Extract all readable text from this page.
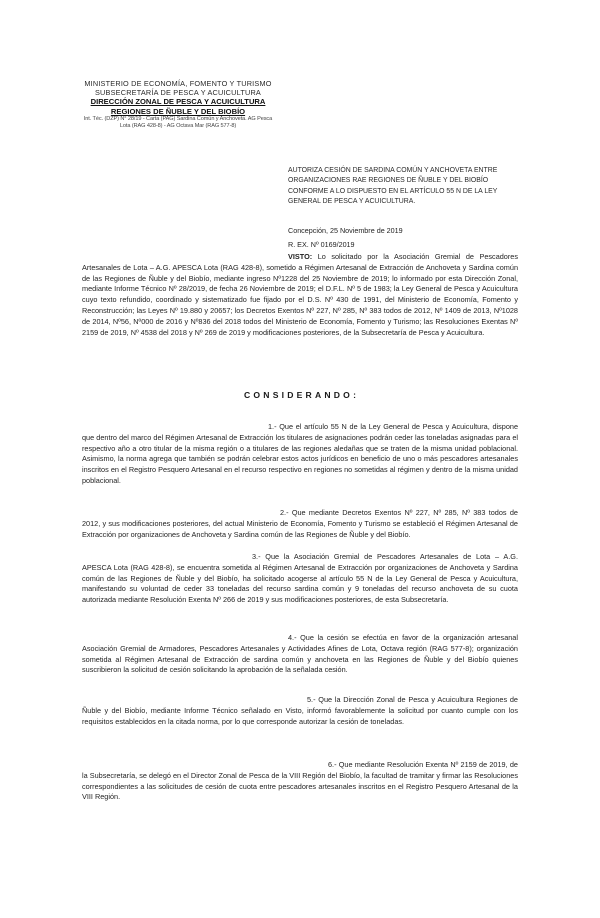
MINISTERIO DE ECONOMÍA, FOMENTO Y TURISMO
SUBSECRETARÍA DE PESCA Y ACUICULTURA
DIRECCIÓN ZONAL DE PESCA Y ACUICULTURA
REGIONES DE ÑUBLE Y DEL BIOBÍO
Int. Téc. (DZP) N° 28/19 - Carta (PAG) Sardina Común y Anchoveta. AG Pesca Lota (RAG 428-8) - AG Octava Mar (RAG 577-8)
AUTORIZA CESIÓN DE SARDINA COMÚN Y ANCHOVETA ENTRE ORGANIZACIONES RAE REGIONES DE ÑUBLE Y DEL BIOBÍO CONFORME A LO DISPUESTO EN EL ARTÍCULO 55 N DE LA LEY GENERAL DE PESCA Y ACUICULTURA.
Concepción, 25 Noviembre de 2019
R. EX. Nº 0169/2019
VISTO: Lo solicitado por la Asociación Gremial de Pescadores Artesanales de Lota – A.G. APESCA Lota (RAG 428-8), sometido a Régimen Artesanal de Extracción de Anchoveta y Sardina común de las Regiones de Ñuble y del Biobío, mediante ingreso Nº1228 del 25 Noviembre de 2019; lo informado por esta Dirección Zonal, mediante Informe Técnico Nº 28/2019, de fecha 26 Noviembre de 2019; el D.F.L. Nº 5 de 1983; la Ley General de Pesca y Acuicultura cuyo texto refundido, coordinado y sistematizado fue fijado por el D.S. Nº 430 de 1991, del Ministerio de Economía, Fomento y Reconstrucción; las Leyes Nº 19.880 y 20657; los Decretos Exentos Nº 227, Nº 285, Nº 383 todos de 2012, Nº 1409 de 2013, Nº1028 de 2014, Nº56, Nº000 de 2016 y Nº836 del 2018 todos del Ministerio de Economía, Fomento y Turismo; las Resoluciones Exentas Nº 2159 de 2019, Nº 4538 del 2018 y Nº 269 de 2019 y modificaciones posteriores, de la Subsecretaría de Pesca y Acuicultura.
CONSIDERANDO:
1.- Que el artículo 55 N de la Ley General de Pesca y Acuicultura, dispone que dentro del marco del Régimen Artesanal de Extracción los titulares de asignaciones podrán ceder las toneladas asignadas para el respectivo año a otro titular de la misma región o a titulares de las regiones aledañas que se traten de la misma unidad poblacional. Asimismo, la norma agrega que también se podrán celebrar estos actos jurídicos en beneficio de uno o más pescadores artesanales inscritos en el Registro Pesquero Artesanal en el recurso respectivo en regiones no sometidas al régimen y dentro de la misma unidad poblacional.
2.- Que mediante Decretos Exentos Nº 227, Nº 285, Nº 383 todos de 2012, y sus modificaciones posteriores, del actual Ministerio de Economía, Fomento y Turismo se estableció el Régimen Artesanal de Extracción por organizaciones de Anchoveta y Sardina común de las Regiones de Ñuble y del Biobío.
3.- Que la Asociación Gremial de Pescadores Artesanales de Lota – A.G. APESCA Lota (RAG 428-8), se encuentra sometida al Régimen Artesanal de Extracción por organizaciones de Anchoveta y Sardina común de las Regiones de Ñuble y del Biobío, ha solicitado acogerse al artículo 55 N de la Ley General de Pesca y Acuicultura, manifestando su voluntad de ceder 33 toneladas del recurso sardina común y 9 toneladas del recurso anchoveta de su cuota autorizada mediante Resolución Exenta Nº 266 de 2019 y sus modificaciones posteriores, de esta Subsecretaría.
4.- Que la cesión se efectúa en favor de la organización artesanal Asociación Gremial de Armadores, Pescadores Artesanales y Actividades Afines de Lota, Octava región (RAG 577-8); organización sometida al Régimen Artesanal de Extracción de sardina común y anchoveta en las Regiones de Ñuble y del Biobío quienes suscribieron la solicitud de cesión solicitando la aprobación de la señalada cesión.
5.- Que la Dirección Zonal de Pesca y Acuicultura Regiones de Ñuble y del Biobío, mediante Informe Técnico señalado en Visto, informó favorablemente la solicitud por cuanto cumple con los requisitos establecidos en la citada norma, por lo que corresponde autorizar la cesión de toneladas.
6.- Que mediante Resolución Exenta Nº 2159 de 2019, de la Subsecretaría, se delegó en el Director Zonal de Pesca de la VIII Región del Biobío, la facultad de tramitar y firmar las Resoluciones correspondientes a las solicitudes de cesión de cuota entre pescadores artesanales inscritos en el Registro Pesquero Artesanal de la VIII Región.
